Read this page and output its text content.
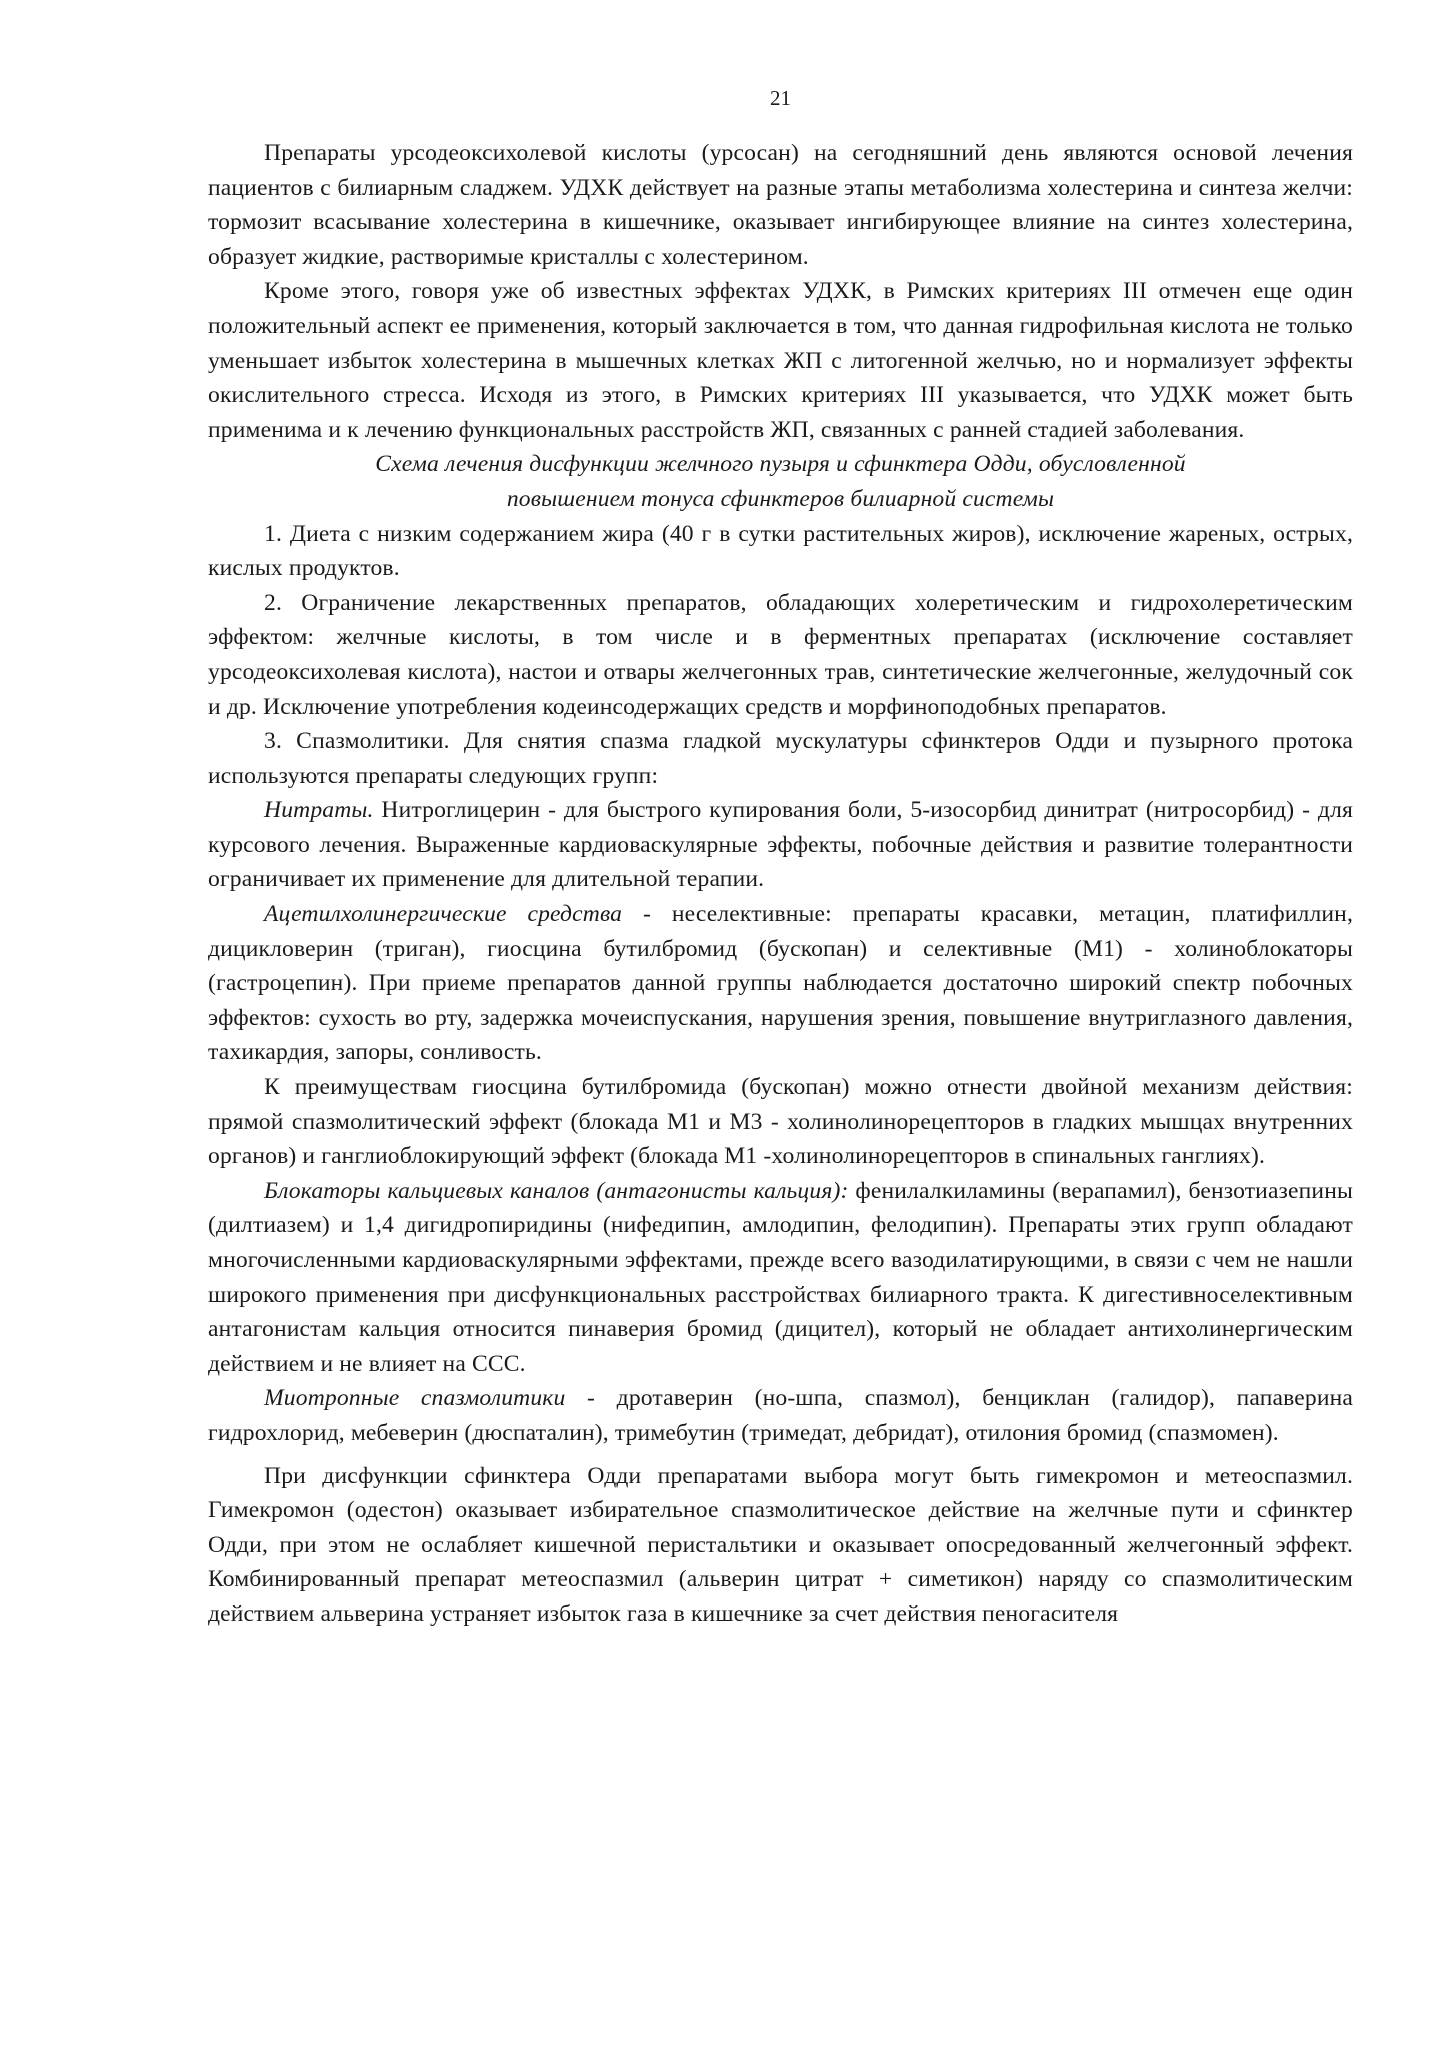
21

Препараты урсодеоксихолевой кислоты (урсосан) на сегодняшний день являются основой лечения пациентов с билиарным сладжем. УДХК действует на разные этапы метаболизма холестерина и синтеза желчи: тормозит всасывание холестерина в кишечнике, оказывает ингибирующее влияние на синтез холестерина, образует жидкие, растворимые кристаллы с холестерином.

Кроме этого, говоря уже об известных эффектах УДХК, в Римских критериях III отмечен еще один положительный аспект ее применения, который заключается в том, что данная гидрофильная кислота не только уменьшает избыток холестерина в мышечных клетках ЖП с литогенной желчью, но и нормализует эффекты окислительного стресса. Исходя из этого, в Римских критериях III указывается, что УДХК может быть применима и к лечению функциональных расстройств ЖП, связанных с ранней стадией заболевания.

Схема лечения дисфункции желчного пузыря и сфинктера Одди, обусловленной
повышением тонуса сфинктеров билиарной системы

1. Диета с низким содержанием жира (40 г в сутки растительных жиров), исключение жареных, острых, кислых продуктов.

2. Ограничение лекарственных препаратов, обладающих холеретическим и гидрохолеретическим эффектом: желчные кислоты, в том числе и в ферментных препаратах (исключение составляет урсодеоксихолевая кислота), настои и отвары желчегонных трав, синтетические желчегонные, желудочный сок и др. Исключение употребления кодеинсодержащих средств и морфиноподобных препаратов.

3. Спазмолитики. Для снятия спазма гладкой мускулатуры сфинктеров Одди и пузырного протока используются препараты следующих групп:

Нитраты. Нитроглицерин - для быстрого купирования боли, 5-изосорбид динитрат (нитросорбид) - для курсового лечения. Выраженные кардиоваскулярные эффекты, побочные действия и развитие толерантности ограничивает их применение для длительной терапии.

Ацетилхолинергические средства - неселективные: препараты красавки, метацин, платифиллин, дицикловерин (триган), гиосцина бутилбромид (бускопан) и селективные (М1) - холиноблокаторы (гастроцепин). При приеме препаратов данной группы наблюдается достаточно широкий спектр побочных эффектов: сухость во рту, задержка мочеиспускания, нарушения зрения, повышение внутриглазного давления, тахикардия, запоры, сонливость.

К преимуществам гиосцина бутилбромида (бускопан) можно отнести двойной механизм действия: прямой спазмолитический эффект (блокада М1 и М3 - холинолинорецепторов в гладких мышцах внутренних органов) и ганглиоблокирующий эффект (блокада М1 -холинолинорецепторов в спинальных ганглиях).

Блокаторы кальциевых каналов (антагонисты кальция): фенилалкиламины (верапамил), бензотиазепины (дилтиазем) и 1,4 дигидропиридины (нифедипин, амлодипин, фелодипин). Препараты этих групп обладают многочисленными кардиоваскулярными эффектами, прежде всего вазодилатирующими, в связи с чем не нашли широкого применения при дисфункциональных расстройствах билиарного тракта. К дигестивноселективным антагонистам кальция относится пинаверия бромид (дицител), который не обладает антихолинергическим действием и не влияет на ССС.

Миотропные спазмолитики - дротаверин (но-шпа, спазмол), бенциклан (галидор), папаверина гидрохлорид, мебеверин (дюспаталин), тримебутин (тримедат, дебридат), отилония бромид (спазмомен).

При дисфункции сфинктера Одди препаратами выбора могут быть гимекромон и метеоспазмил. Гимекромон (одестон) оказывает избирательное спазмолитическое действие на желчные пути и сфинктер Одди, при этом не ослабляет кишечной перистальтики и оказывает опосредованный желчегонный эффект. Комбинированный препарат метеоспазмил (альверин цитрат + симетикон) наряду со спазмолитическим действием альверина устраняет избыток газа в кишечнике за счет действия пеногасителя
